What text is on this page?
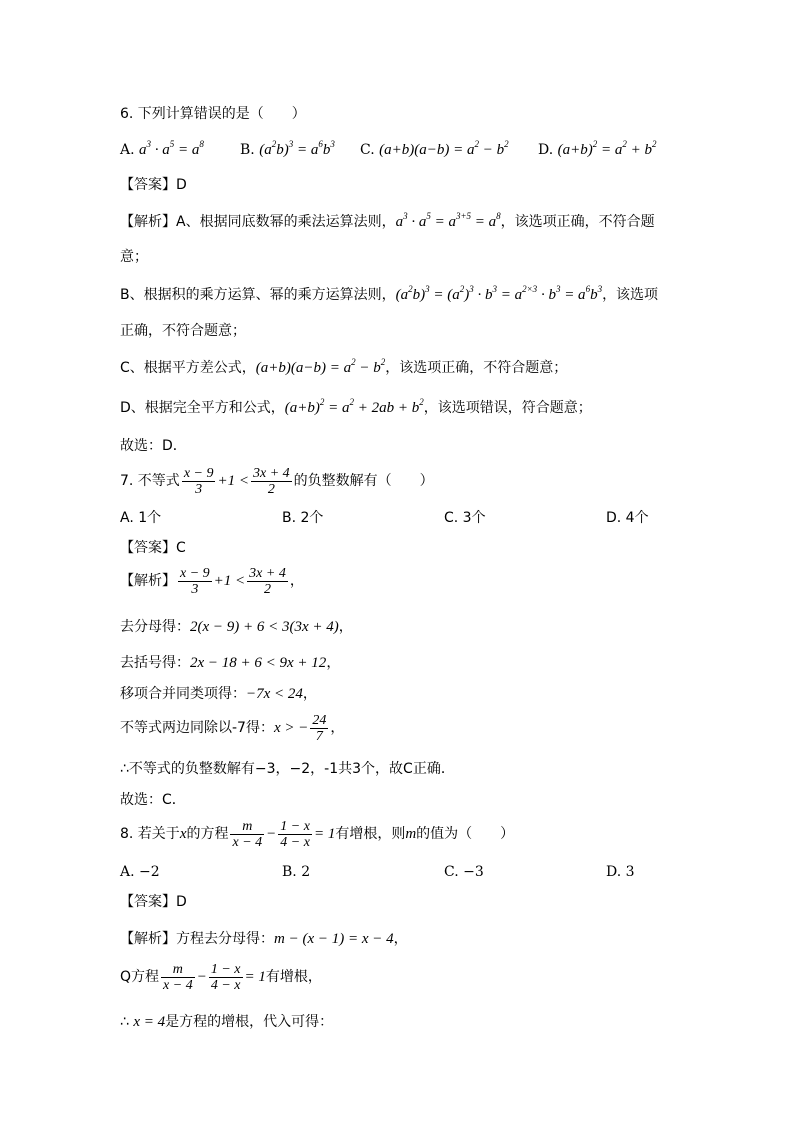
6. 下列计算错误的是（　　）
A. $a^3 \cdot a^5 = a^8$	B. $(a^2b)^3 = a^6b^3$ C. $(a+b)(a-b) = a^2 - b^2$ D. $(a+b)^2 = a^2 + b^2$
【答案】D
【解析】A、根据同底数幂的乘法运算法则，$a^3 \cdot a^5 = a^{3+5} = a^8$，该选项正确，不符合题
意；
B、根据积的乘方运算、幂的乘方运算法则，$(a^2b)^3 = (a^2)^3 \cdot b^3 = a^{2\times 3} \cdot b^3 = a^6b^3$，该选项
正确，不符合题意；
C、根据平方差公式，$(a+b)(a-b) = a^2 - b^2$，该选项正确，不符合题意；
D、根据完全平方和公式，$(a+b)^2 = a^2 + 2ab + b^2$，该选项错误，符合题意；
故选：D．
7. 不等式 $\frac{x - 9}{3} +1 < \frac{3x + 4}{2}$ 的负整数解有（　　）
A. 1个	B. 2个	C. 3个	D. 4个
【答案】C
【解析】 $\frac{x - 9}{3} +1 < \frac{3x + 4}{2}$ ，
去分母得：2(x − 9) + 6 < 3(3x + 4)，
去括号得：2x − 18 + 6 < 9x + 12，
移项合并同类项得：−7x < 24，
不等式两边同除以-7得：x > − $\frac{24}{7}$ ，
∴不等式的负整数解有−3，−2，-1共3个，故C正确．
故选：C．
8. 若关于x的方程 $\frac{m}{x - 4} - \frac{1 - x}{4 - x} = 1$有增根，则m的值为（　　）
A. −2	B. 2	C. −3	D. 3
【答案】D
【解析】方程去分母得：m − (x − 1) = x − 4，
Q方程 $\frac{m}{x - 4} - \frac{1 - x}{4 - x} = 1$有增根，
∴ x = 4是方程的增根，代入可得：
